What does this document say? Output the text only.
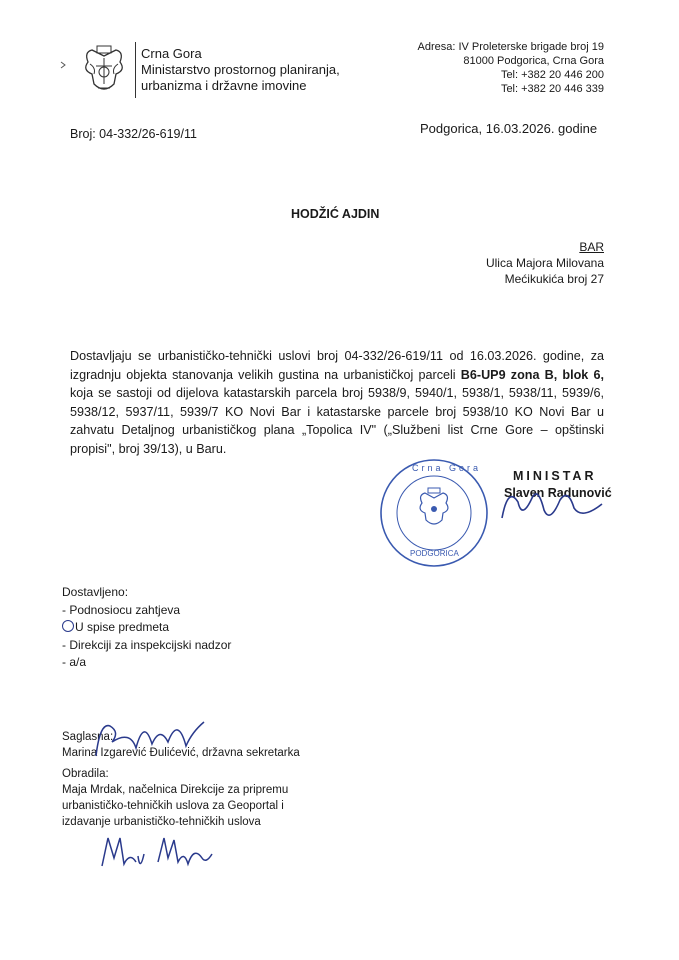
Crna Gora
Ministarstvo prostornog planiranja,
urbanizma i državne imovine
Adresa: IV Proleterske brigade broj 19
81000 Podgorica, Crna Gora
Tel: +382 20 446 200
Tel: +382 20 446 339
Broj: 04-332/26-619/11	Podgorica, 16.03.2026. godine
HODŽIĆ AJDIN
BAR
Ulica Majora Milovana
Mećikukića broj 27
Dostavljaju se urbanističko-tehnički uslovi broj 04-332/26-619/11 od 16.03.2026. godine, za izgradnju objekta stanovanja velikih gustina na urbanističkoj parceli B6-UP9 zona B, blok 6, koja se sastoji od dijelova katastarskih parcela broj 5938/9, 5940/1, 5938/1, 5938/11, 5939/6, 5938/12, 5937/11, 5939/7 KO Novi Bar i katastarske parcele broj 5938/10 KO Novi Bar u zahvatu Detaljnog urbanističkog plana „Topolica IV" („Službeni list Crne Gore – opštinski propisi", broj 39/13), u Baru.
Crna Gora
PODGORICA
MINISTAR
Slaven Radunović
Dostavljeno:
- Podnosiocu zahtjeva
U spise predmeta
- Direkciji za inspekcijski nadzor
- a/a
Saglasna:
Marina Izgarević Đulićević, državna sekretarka
Obradila:
Maja Mrdak, načelnica Direkcije za pripremu
urbanističko-tehničkih uslova za Geoportal i
izdavanje urbanističko-tehničkih uslova
